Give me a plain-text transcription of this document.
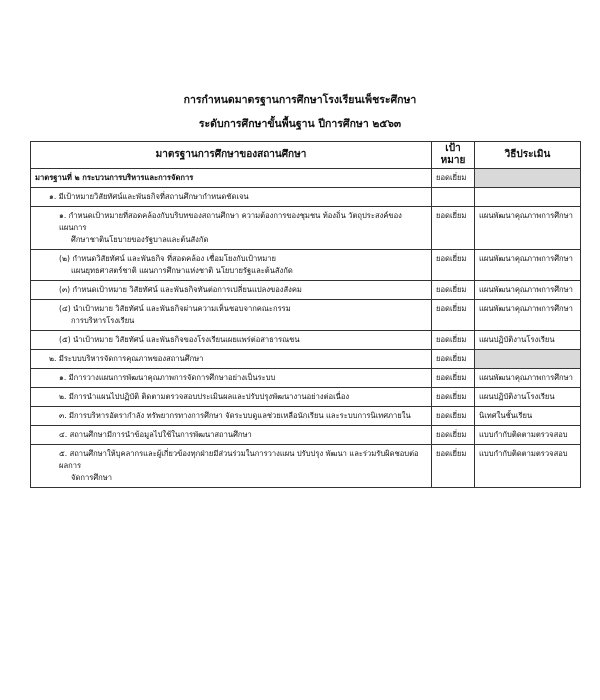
การกำหนดมาตรฐานการศึกษาโรงเรียนเพ็ชระศึกษา
ระดับการศึกษาขั้นพื้นฐาน ปีการศึกษา ๒๕๖๓
มาตรฐานการศึกษาของสถานศึกษา	เป้าหมาย	วิธีประเมิน

มาตรฐานที่ ๒ กระบวนการบริหารและการจัดการ	ยอดเยี่ยม	

๑. มีเป้าหมายวิสัยทัศน์และพันธกิจที่สถานศึกษากำหนดชัดเจน		

๑. กำหนดเป้าหมายที่สอดคล้องกับบริบทของสถานศึกษา ความต้องการของชุมชน ท้องถิ่น วัตถุประสงค์ของแผนการ
ศึกษาชาตินโยบายของรัฐบาลและต้นสังกัด	ยอดเยี่ยม	แผนพัฒนาคุณภาพการศึกษา

(๒) กำหนดวิสัยทัศน์ และพันธกิจ ที่สอดคล้อง เชื่อมโยงกับเป้าหมาย
แผนยุทธศาสตร์ชาติ แผนการศึกษาแห่งชาติ นโยบายรัฐและต้นสังกัด	ยอดเยี่ยม	แผนพัฒนาคุณภาพการศึกษา

(๓) กำหนดเป้าหมาย วิสัยทัศน์ และพันธกิจทันต่อการเปลี่ยนแปลงของสังคม	ยอดเยี่ยม	แผนพัฒนาคุณภาพการศึกษา

(๔) นำเป้าหมาย วิสัยทัศน์ และพันธกิจผ่านความเห็นชอบจากคณะกรรม
การบริหารโรงเรียน	ยอดเยี่ยม	แผนพัฒนาคุณภาพการศึกษา

(๕) นำเป้าหมาย วิสัยทัศน์ และพันธกิจของโรงเรียนเผยแพร่ต่อสาธารณชน	ยอดเยี่ยม	แผนปฏิบัติงานโรงเรียน

๒. มีระบบบริหารจัดการคุณภาพของสถานศึกษา	ยอดเยี่ยม	

๑. มีการวางแผนการพัฒนาคุณภาพการจัดการศึกษาอย่างเป็นระบบ	ยอดเยี่ยม	แผนพัฒนาคุณภาพการศึกษา

๒. มีการนำแผนไปปฏิบัติ ติดตามตรวจสอบประเมินผลและปรับปรุงพัฒนางานอย่างต่อเนื่อง	ยอดเยี่ยม	แผนปฏิบัติงานโรงเรียน

๓. มีการบริหารอัตรากำลัง ทรัพยากรทางการศึกษา จัดระบบดูแลช่วยเหลือนักเรียน และระบบการนิเทศภายใน	ยอดเยี่ยม	นิเทศในชั้นเรียน

๔. สถานศึกษามีการนำข้อมูลไปใช้ในการพัฒนาสถานศึกษา	ยอดเยี่ยม	แบบกำกับติดตามตรวจสอบ

๕. สถานศึกษาให้บุคลากรและผู้เกี่ยวข้องทุกฝ่ายมีส่วนร่วมในการวางแผน ปรับปรุง พัฒนา และร่วมรับผิดชอบต่อผลการ
จัดการศึกษา	ยอดเยี่ยม	แบบกำกับติดตามตรวจสอบ
